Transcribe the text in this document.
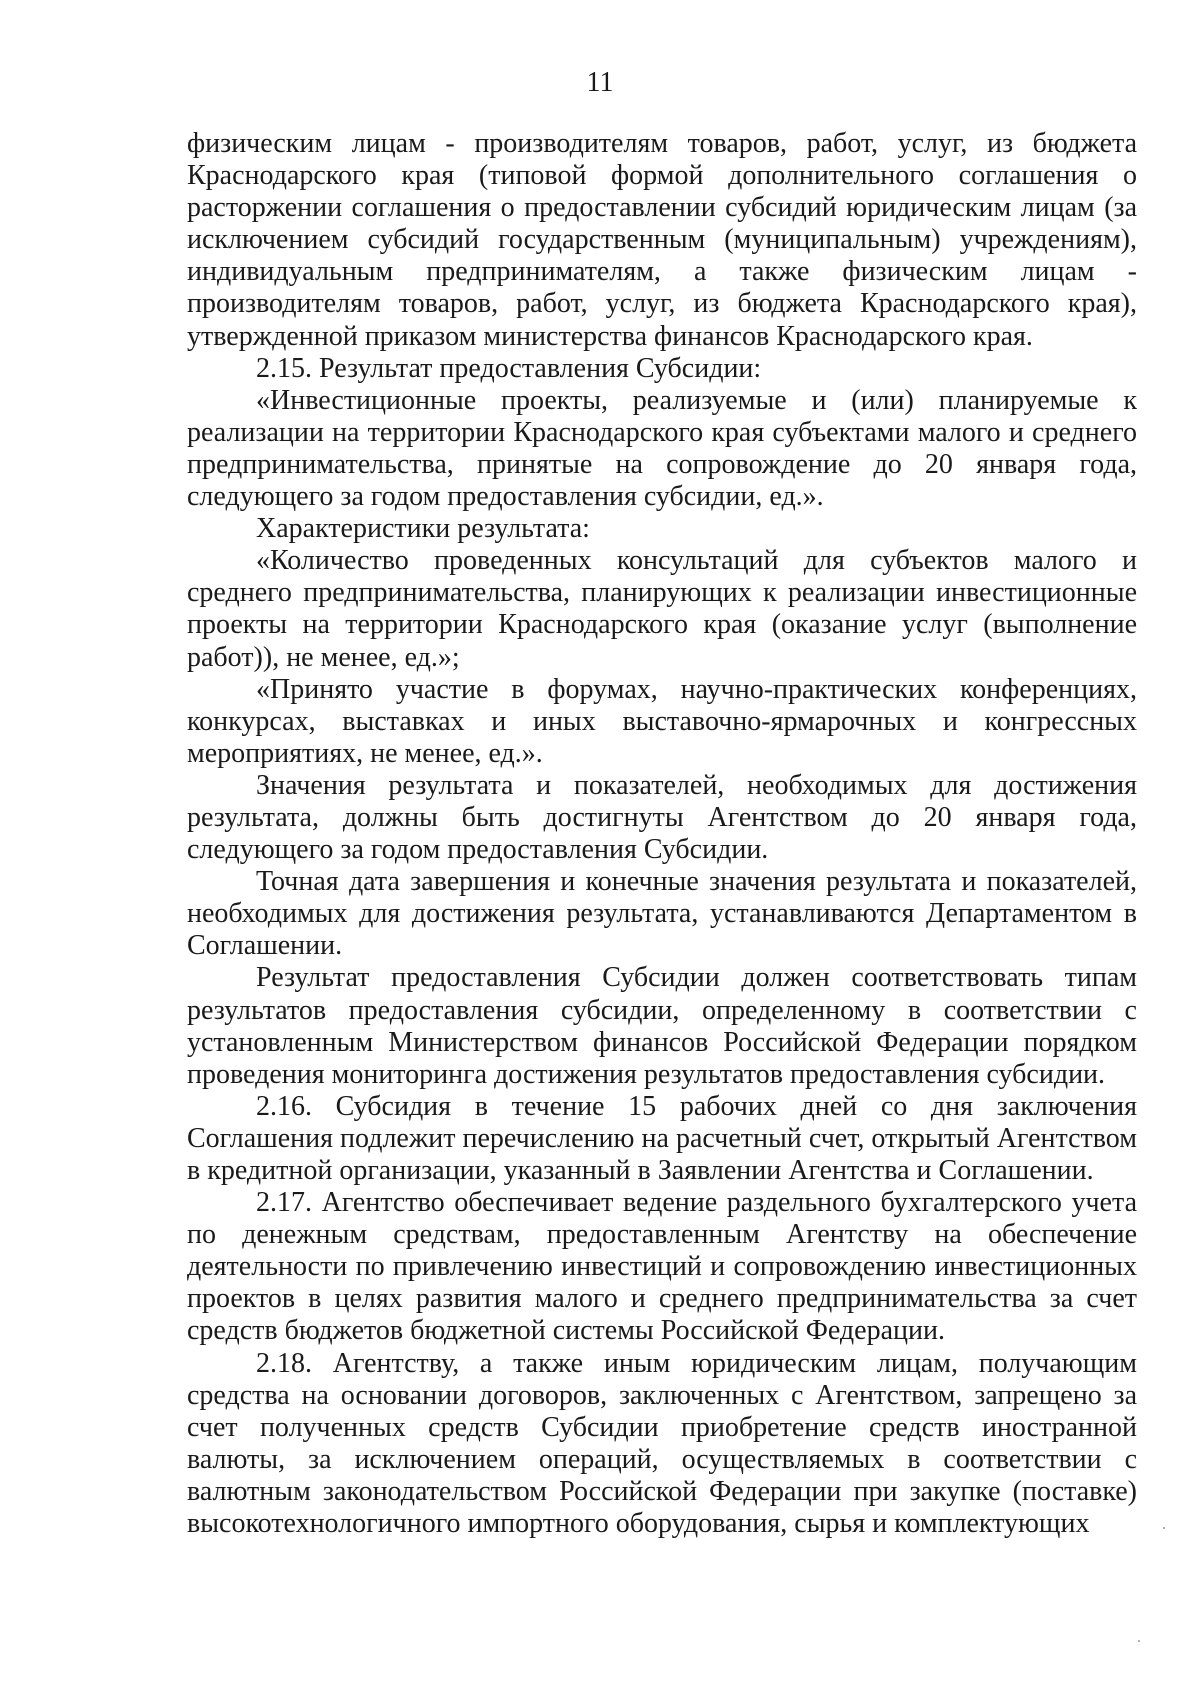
11

физическим лицам - производителям товаров, работ, услуг, из бюджета Краснодарского края (типовой формой дополнительного соглашения о расторжении соглашения о предоставлении субсидий юридическим лицам (за исключением субсидий государственным (муниципальным) учреждениям), индивидуальным предпринимателям, а также физическим лицам - производителям товаров, работ, услуг, из бюджета Краснодарского края), утвержденной приказом министерства финансов Краснодарского края.

2.15. Результат предоставления Субсидии:

«Инвестиционные проекты, реализуемые и (или) планируемые к реализации на территории Краснодарского края субъектами малого и среднего предпринимательства, принятые на сопровождение до 20 января года, следующего за годом предоставления субсидии, ед.».

Характеристики результата:

«Количество проведенных консультаций для субъектов малого и среднего предпринимательства, планирующих к реализации инвестиционные проекты на территории Краснодарского края (оказание услуг (выполнение работ)), не менее, ед.»;

«Принято участие в форумах, научно-практических конференциях, конкурсах, выставках и иных выставочно-ярмарочных и конгрессных мероприятиях, не менее, ед.».

Значения результата и показателей, необходимых для достижения результата, должны быть достигнуты Агентством до 20 января года, следующего за годом предоставления Субсидии.

Точная дата завершения и конечные значения результата и показателей, необходимых для достижения результата, устанавливаются Департаментом в Соглашении.

Результат предоставления Субсидии должен соответствовать типам результатов предоставления субсидии, определенному в соответствии с установленным Министерством финансов Российской Федерации порядком проведения мониторинга достижения результатов предоставления субсидии.

2.16. Субсидия в течение 15 рабочих дней со дня заключения Соглашения подлежит перечислению на расчетный счет, открытый Агентством в кредитной организации, указанный в Заявлении Агентства и Соглашении.

2.17. Агентство обеспечивает ведение раздельного бухгалтерского учета по денежным средствам, предоставленным Агентству на обеспечение деятельности по привлечению инвестиций и сопровождению инвестиционных проектов в целях развития малого и среднего предпринимательства за счет средств бюджетов бюджетной системы Российской Федерации.

2.18. Агентству, а также иным юридическим лицам, получающим средства на основании договоров, заключенных с Агентством, запрещено за счет полученных средств Субсидии приобретение средств иностранной валюты, за исключением операций, осуществляемых в соответствии с валютным законодательством Российской Федерации при закупке (поставке) высокотехнологичного импортного оборудования, сырья и комплектующих
